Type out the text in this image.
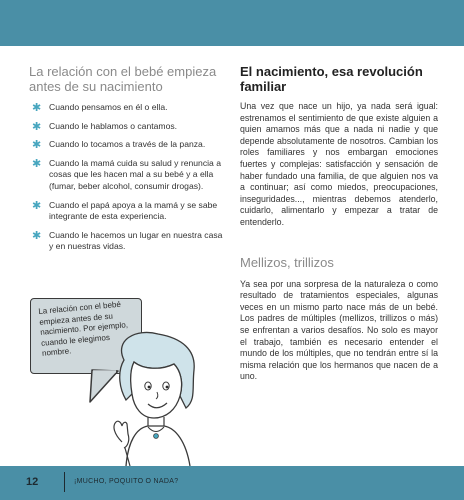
La relación con el bebé empieza antes de su nacimiento
✱ Cuando pensamos en él o ella.
✱ Cuando le hablamos o cantamos.
✱ Cuando lo tocamos a través de la panza.
✱ Cuando la mamá cuida su salud y renuncia a cosas que les hacen mal a su bebé y a ella (fumar, beber alcohol, consumir drogas).
✱ Cuando el papá apoya a la mamá y se sabe integrante de esta experiencia.
✱ Cuando le hacemos un lugar en nuestra casa y en nuestras vidas.
La relación con el bebé empieza antes de su nacimiento. Por ejemplo, cuando le elegimos nombre.
El nacimiento, esa revolución familiar

Una vez que nace un hijo, ya nada será igual: estrenamos el sentimiento de que existe alguien a quien amamos más que a nada ni nadie y que depende absolutamente de nosotros. Cambian los roles familiares y nos embargan emociones fuertes y complejas: satisfacción y sensación de haber fundado una familia, de que alguien nos va a continuar; así como miedos, preocupaciones, inseguridades..., mientras debemos atenderlo, cuidarlo, alimentarlo y empezar a tratar de entenderlo.

Mellizos, trillizos

Ya sea por una sorpresa de la naturaleza o como resultado de tratamientos especiales, algunas veces en un mismo parto nace más de un bebé. Los padres de múltiples (mellizos, trillizos o más) se enfrentan a varios desafíos. No solo es mayor el trabajo, también es necesario entender el mundo de los múltiples, que no tendrán entre sí la misma relación que los hermanos que nacen de a uno.

12	¡MUCHO, POQUITO O NADA?
